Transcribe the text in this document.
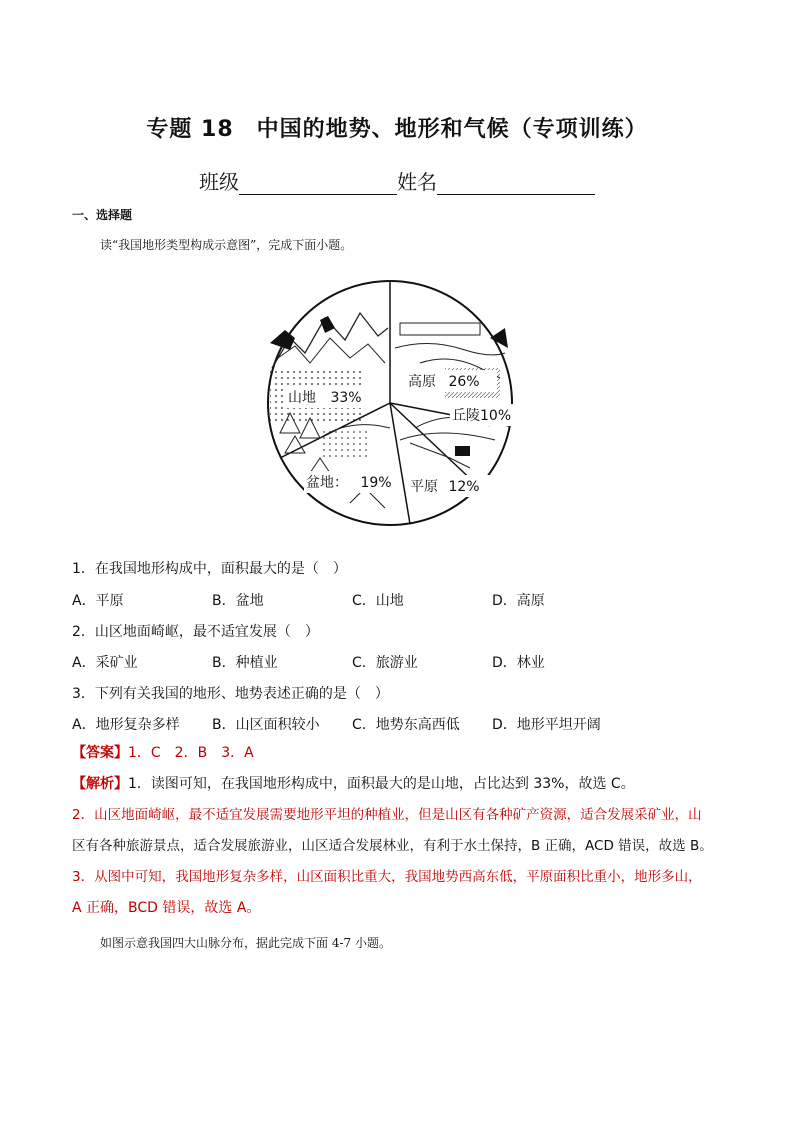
专题 18　中国的地势、地形和气候（专项训练）
班级	姓名
一、选择题
读“我国地形类型构成示意图”，完成下面小题。
山地 33%
高原 26%
丘陵10%
平原 12%
盆地： 19%
1．在我国地形构成中，面积最大的是（　）
A．平原	B．盆地	C．山地	D．高原
2．山区地面崎岖，最不适宜发展（　）
A．采矿业	B．种植业	C．旅游业	D．林业
3．下列有关我国的地形、地势表述正确的是（　）
A．地形复杂多样 B．山区面积较小 C．地势东高西低 D．地形平坦开阔
【答案】1．C　2．B　3．A
【解析】1．读图可知，在我国地形构成中，面积最大的是山地，占比达到 33%，故选 C。
2．山区地面崎岖，最不适宜发展需要地形平坦的种植业，但是山区有各种矿产资源，适合发展采矿业，山
区有各种旅游景点，适合发展旅游业，山区适合发展林业，有利于水土保持，B 正确，ACD 错误，故选 B。
3．从图中可知，我国地形复杂多样，山区面积比重大，我国地势西高东低，平原面积比重小，地形多山，
A 正确，BCD 错误，故选 A。
如图示意我国四大山脉分布，据此完成下面 4-7 小题。
